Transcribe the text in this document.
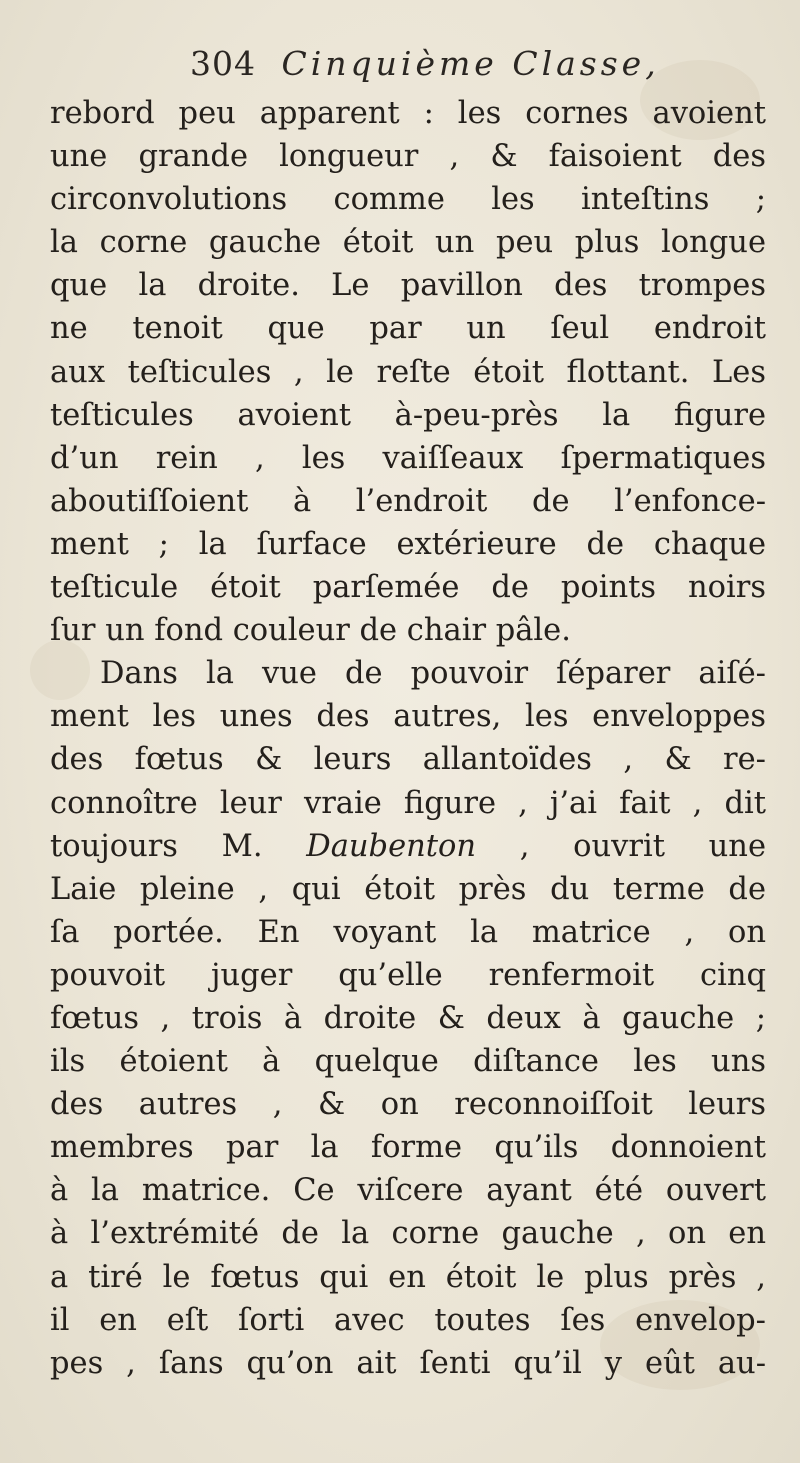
304 Cinquième Classe,
rebord peu apparent : les cornes avoient
une grande longueur , & faisoient des
circonvolutions comme les inteſtins ;
la corne gauche étoit un peu plus longue
que la droite. Le pavillon des trompes
ne tenoit que par un ſeul endroit
aux teſticules , le reſte étoit flottant. Les
teſticules avoient à-peu-près la figure
d’un rein , les vaiſſeaux ſpermatiques
aboutiſſoient à l’endroit de l’enfonce-
ment ; la ſurface extérieure de chaque
teſticule étoit parſemée de points noirs
ſur un fond couleur de chair pâle.
Dans la vue de pouvoir ſéparer aiſé-
ment les unes des autres, les enveloppes
des fœtus & leurs allantoïdes , & re-
connoître leur vraie figure , j’ai fait , dit
toujours M. Daubenton , ouvrit une
Laie pleine , qui étoit près du terme de
ſa portée. En voyant la matrice , on
pouvoit juger qu’elle renfermoit cinq
fœtus , trois à droite & deux à gauche ;
ils étoient à quelque diſtance les uns
des autres , & on reconnoiſſoit leurs
membres par la forme qu’ils donnoient
à la matrice. Ce viſcere ayant été ouvert
à l’extrémité de la corne gauche , on en
a tiré le fœtus qui en étoit le plus près ,
il en eſt ſorti avec toutes ſes envelop-
pes , ſans qu’on ait ſenti qu’il y eût au-
